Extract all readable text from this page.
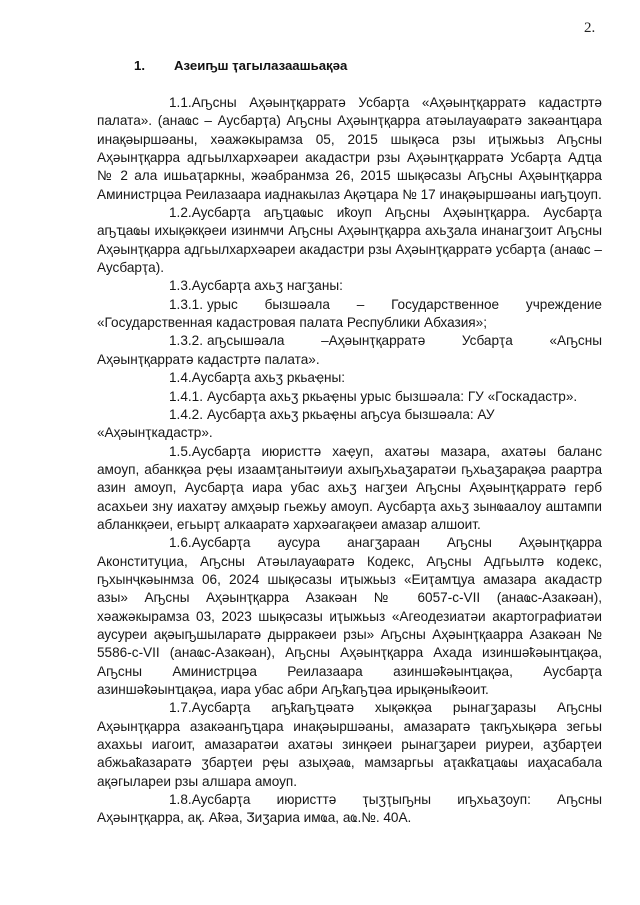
2.
1. Азеиҧш ҭагылазаашьақәа

1.1.Аҧсны Аҳәынҭқарратә Усбарҭа «Аҳәынҭқарратә кадастртә палата». (анаҩс – Аусбарҭа) Аҧсны Аҳәынҭқарра атәылауаҩратә закәанҵара инақәыршәаны, хәажәкырамза 05, 2015 шықәса рзы иҭыжьыз Аҧсны Аҳәынҭқарра адгьылхархәареи акадастри рзы Аҳәынҭқарратә Усбарҭа Адҵа № 2 ала ишьаҭаркны, жәабранмза 26, 2015 шықәсазы Аҧсны Аҳәынҭқарра Аминистрцәа Реилазаара иаднакылаз Ақәҵара № 17 инақәыршәаны иаҧҵоуп.

1.2.Аусбарҭа аҧҵаҩыс иҟоуп Аҧсны Аҳәынҭқарра. Аусбарҭа аҧҵаҩы ихықәкқәеи изинмчи Аҧсны Аҳәынҭқарра ахьӡала инанагӡоит Аҧсны Аҳәынҭқарра адгьылхархәареи акадастри рзы Аҳәынҭқарратә усбарҭа (анаҩс – Аусбарҭа).

1.3.Аусбарҭа ахьӡ нагӡаны:

1.3.1. урыс бызшәала – Государственное учреждение «Государственная кадастровая палата Республики Абхазия»;

1.3.2. аҧсышәала –Аҳәынҭқарратә Усбарҭа «Аҧсны Аҳәынҭқарратә кадастртә палата».

1.4.Аусбарҭа ахьӡ ркьаҿны:

1.4.1. Аусбарҭа ахьӡ ркьаҿны урыс бызшәала: ГУ «Госкадастр».

1.4.2. Аусбарҭа ахьӡ ркьаҿны аҧсуа бызшәала: АУ «Аҳәынҭкадастр».

1.5.Аусбарҭа июристтә хаҿуп, ахатәы мазара, ахатәы баланс амоуп, абанкқәа рҿы изаамҭанытәиуи ахыҧхьаӡаратәи ҧхьаӡарақәа раартра азин амоуп, Аусбарҭа иара убас ахьӡ нагӡеи Аҧсны Аҳәынҭқарратә герб асахьеи зну иахатәу амҳәыр гьежьу амоуп. Аусбарҭа ахьӡ зынҩаалоу аштампи абланкқәеи, егьырҭ алкааратә хархәагақәеи амазар алшоит.

1.6.Аусбарҭа аусура анагӡараан Аҧсны Аҳәынҭқарра Аконституциа, Аҧсны Атәылауаҩратә Кодекс, Аҧсны Адгьылтә кодекс, ҧхынҷкәынмза 06, 2024 шықәсазы иҭыжьыз «Еиҭамҵуа амазара акадастр азы» Аҧсны Аҳәынҭқарра Азакәан № 6057-с-VII (анаҩс-Азакәан), хәажәкырамза 03, 2023 шықәсазы иҭыжьыз «Агеодезиатәи акартографиатәи аусуреи ақәыҧшыларатә дырракәеи рзы» Аҧсны Аҳәынҭқаарра Азакәан № 5586-с-VII (анаҩс-Азакәан), Аҧсны Аҳәынҭқарра Ахада изиншәҟәынҵақәа, Аҧсны Аминистрцәа Реилазаара азиншәҟәынҵақәа, Аусбарҭа азиншәҟәынҵақәа, иара убас абри Аҧҟаҧҵәа ирықәныҟәоит.

1.7.Аусбарҭа аҧҟаҧҵәатә хықәкқәа рынагӡаразы Аҧсны Аҳәынҭқарра азакәанҧҵара инақәыршәаны, амазаратә ҭакҧхықәра зегьы ахахьы иагоит, амазаратәи ахатәы зинқәеи рынагӡареи риуреи, аӡбарҭеи абжьаҟазаратә ӡбарҭеи рҿы азыҳәаҩ, мамзаргьы аҭакҟаҵаҩы иаҳасабала ақәгылареи рзы алшара амоуп.

1.8.Аусбарҭа июристтә ҭыӡҭыҧны иҧхьаӡоуп: Аҧсны Аҳәынҭқарра, ақ. Аҟәа, Ӡиӡариа имҩа, аҩ.№. 40А.
